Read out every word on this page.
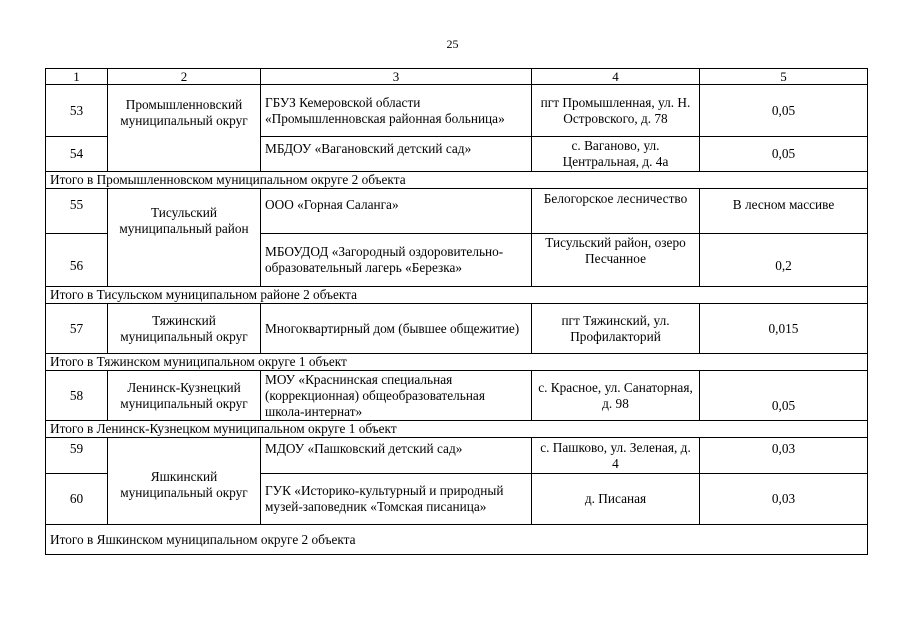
25
1	2	3	4	5
53	Промышленновский муниципальный округ	ГБУЗ Кемеровской области «Промышленновская районная больница»	пгт Промышленная, ул. Н. Островского, д. 78	0,05
54		МБДОУ «Вагановский детский сад»	с. Ваганово, ул. Центральная, д. 4а	0,05
Итого в Промышленновском муниципальном округе 2 объекта				
55	Тисульский муниципальный район	ООО «Горная Саланга»	Белогорское лесничество	В лесном массиве
56		МБОУДОД «Загородный оздоровительно-образовательный лагерь «Березка»	Тисульский район, озеро Песчанное	0,2
Итого в Тисульском муниципальном районе 2 объекта				
57	Тяжинский муниципальный округ	Многоквартирный дом (бывшее общежитие)	пгт Тяжинский, ул. Профилакторий	0,015
Итого в Тяжинском муниципальном округе 1 объект				
58	Ленинск-Кузнецкий муниципальный округ	МОУ «Краснинская специальная (коррекционная) общеобразовательная школа-интернат»	с. Красное, ул. Санаторная, д. 98	0,05
Итого в Ленинск-Кузнецком муниципальном округе 1 объект				
59	Яшкинский муниципальный округ	МДОУ «Пашковский детский сад»	с. Пашково, ул. Зеленая, д. 4	0,03
60		ГУК «Историко-культурный и природный музей-заповедник «Томская писаница»	д. Писаная	0,03
Итого в Яшкинском муниципальном округе 2 объекта				
